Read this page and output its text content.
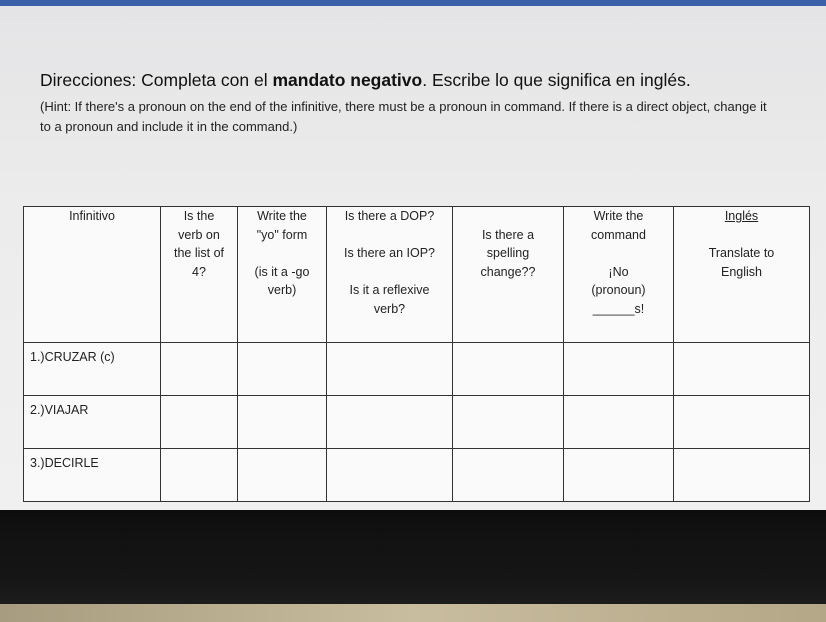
Direcciones: Completa con el mandato negativo. Escribe lo que significa en inglés.
(Hint: If there's a pronoun on the end of the infinitive, there must be a pronoun in command. If there is a direct object, change it to a pronoun and include it in the command.)
Infinitivo	Is the
verb on
the list of
4?	Write the
"yo" form
(is it a -go
verb)	Is there a DOP?
Is there an IOP?
Is it a reflexive
verb?	Is there a
spelling
change??	Write the
command
¡No
(pronoun)
______s!	Inglés
Translate to
English

1.)CRUZAR (c)						
2.)VIAJAR						
3.)DECIRLE						
